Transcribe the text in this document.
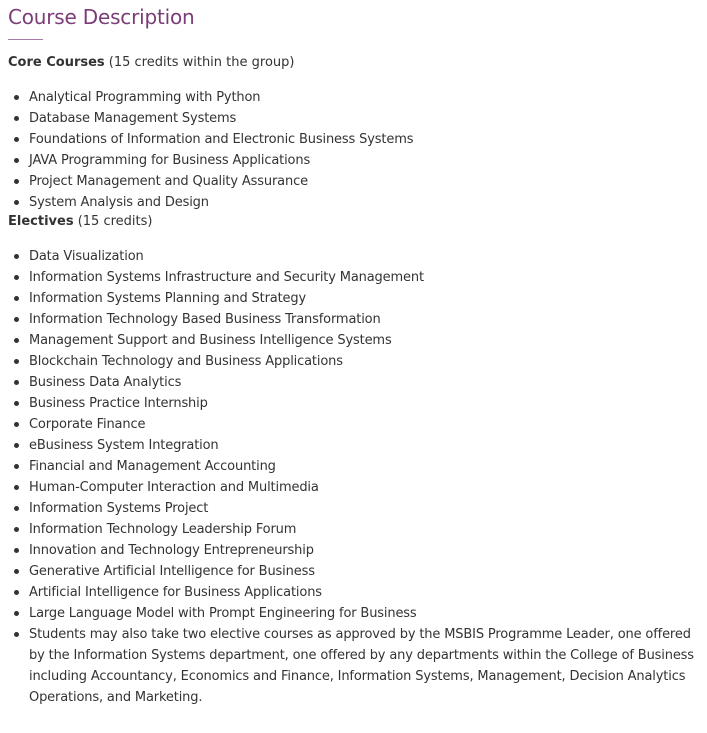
Course Description

Core Courses (15 credits within the group)

Analytical Programming with Python
Database Management Systems
Foundations of Information and Electronic Business Systems
JAVA Programming for Business Applications
Project Management and Quality Assurance
System Analysis and Design

Electives (15 credits)

Data Visualization
Information Systems Infrastructure and Security Management
Information Systems Planning and Strategy
Information Technology Based Business Transformation
Management Support and Business Intelligence Systems
Blockchain Technology and Business Applications
Business Data Analytics
Business Practice Internship
Corporate Finance
eBusiness System Integration
Financial and Management Accounting
Human-Computer Interaction and Multimedia
Information Systems Project
Information Technology Leadership Forum
Innovation and Technology Entrepreneurship
Generative Artificial Intelligence for Business
Artificial Intelligence for Business Applications
Large Language Model with Prompt Engineering for Business
Students may also take two elective courses as approved by the MSBIS Programme Leader, one offered by the Information Systems department, one offered by any departments within the College of Business including Accountancy, Economics and Finance, Information Systems, Management, Decision Analytics Operations, and Marketing.
